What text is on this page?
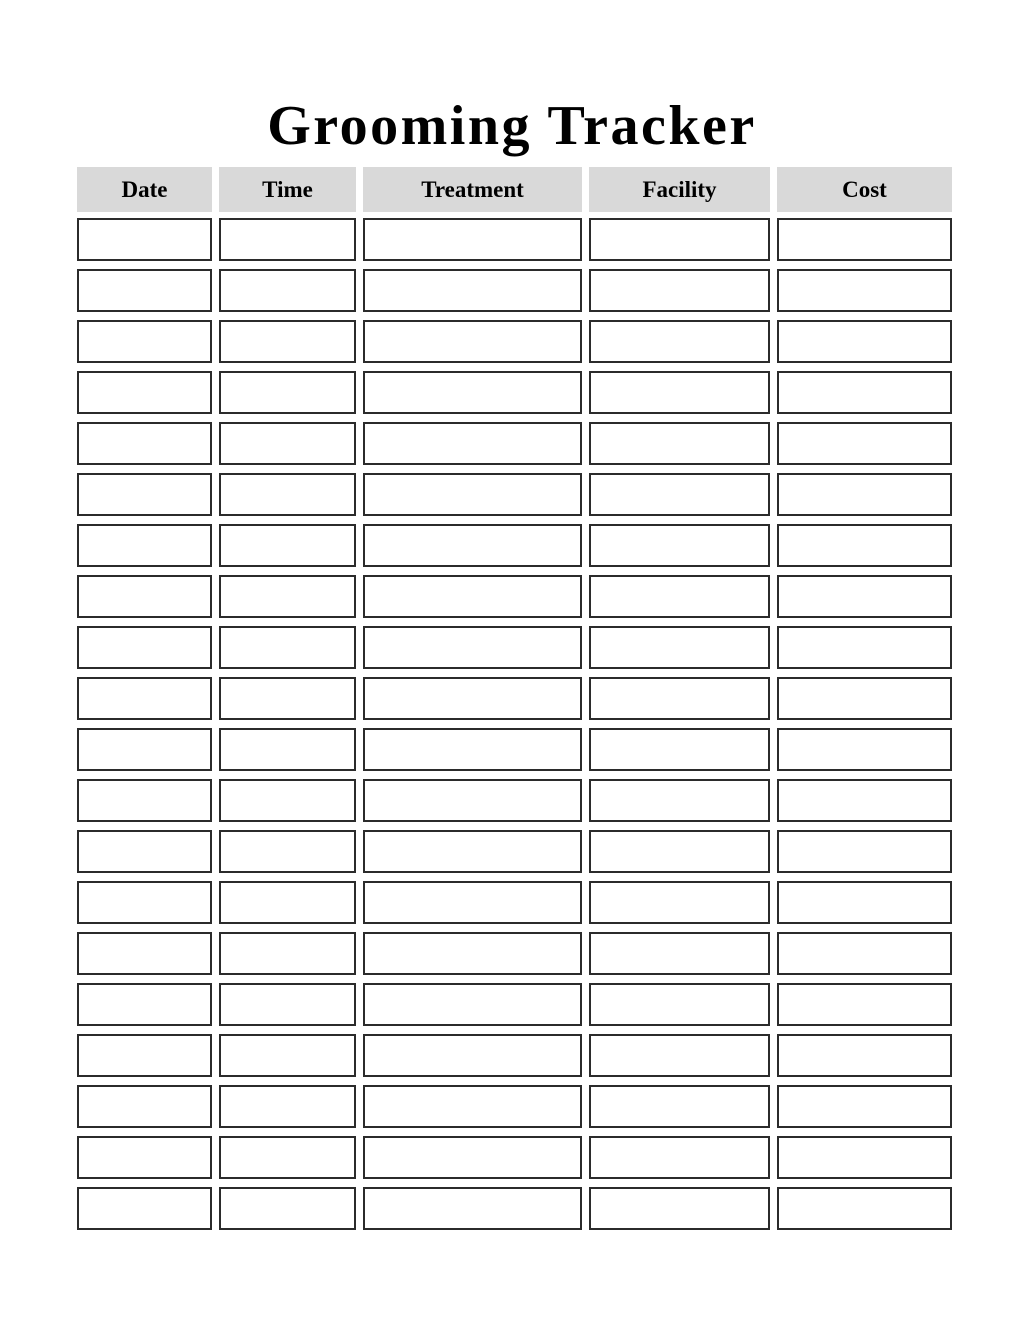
Grooming Tracker
Date	Time	Treatment	Facility	Cost
